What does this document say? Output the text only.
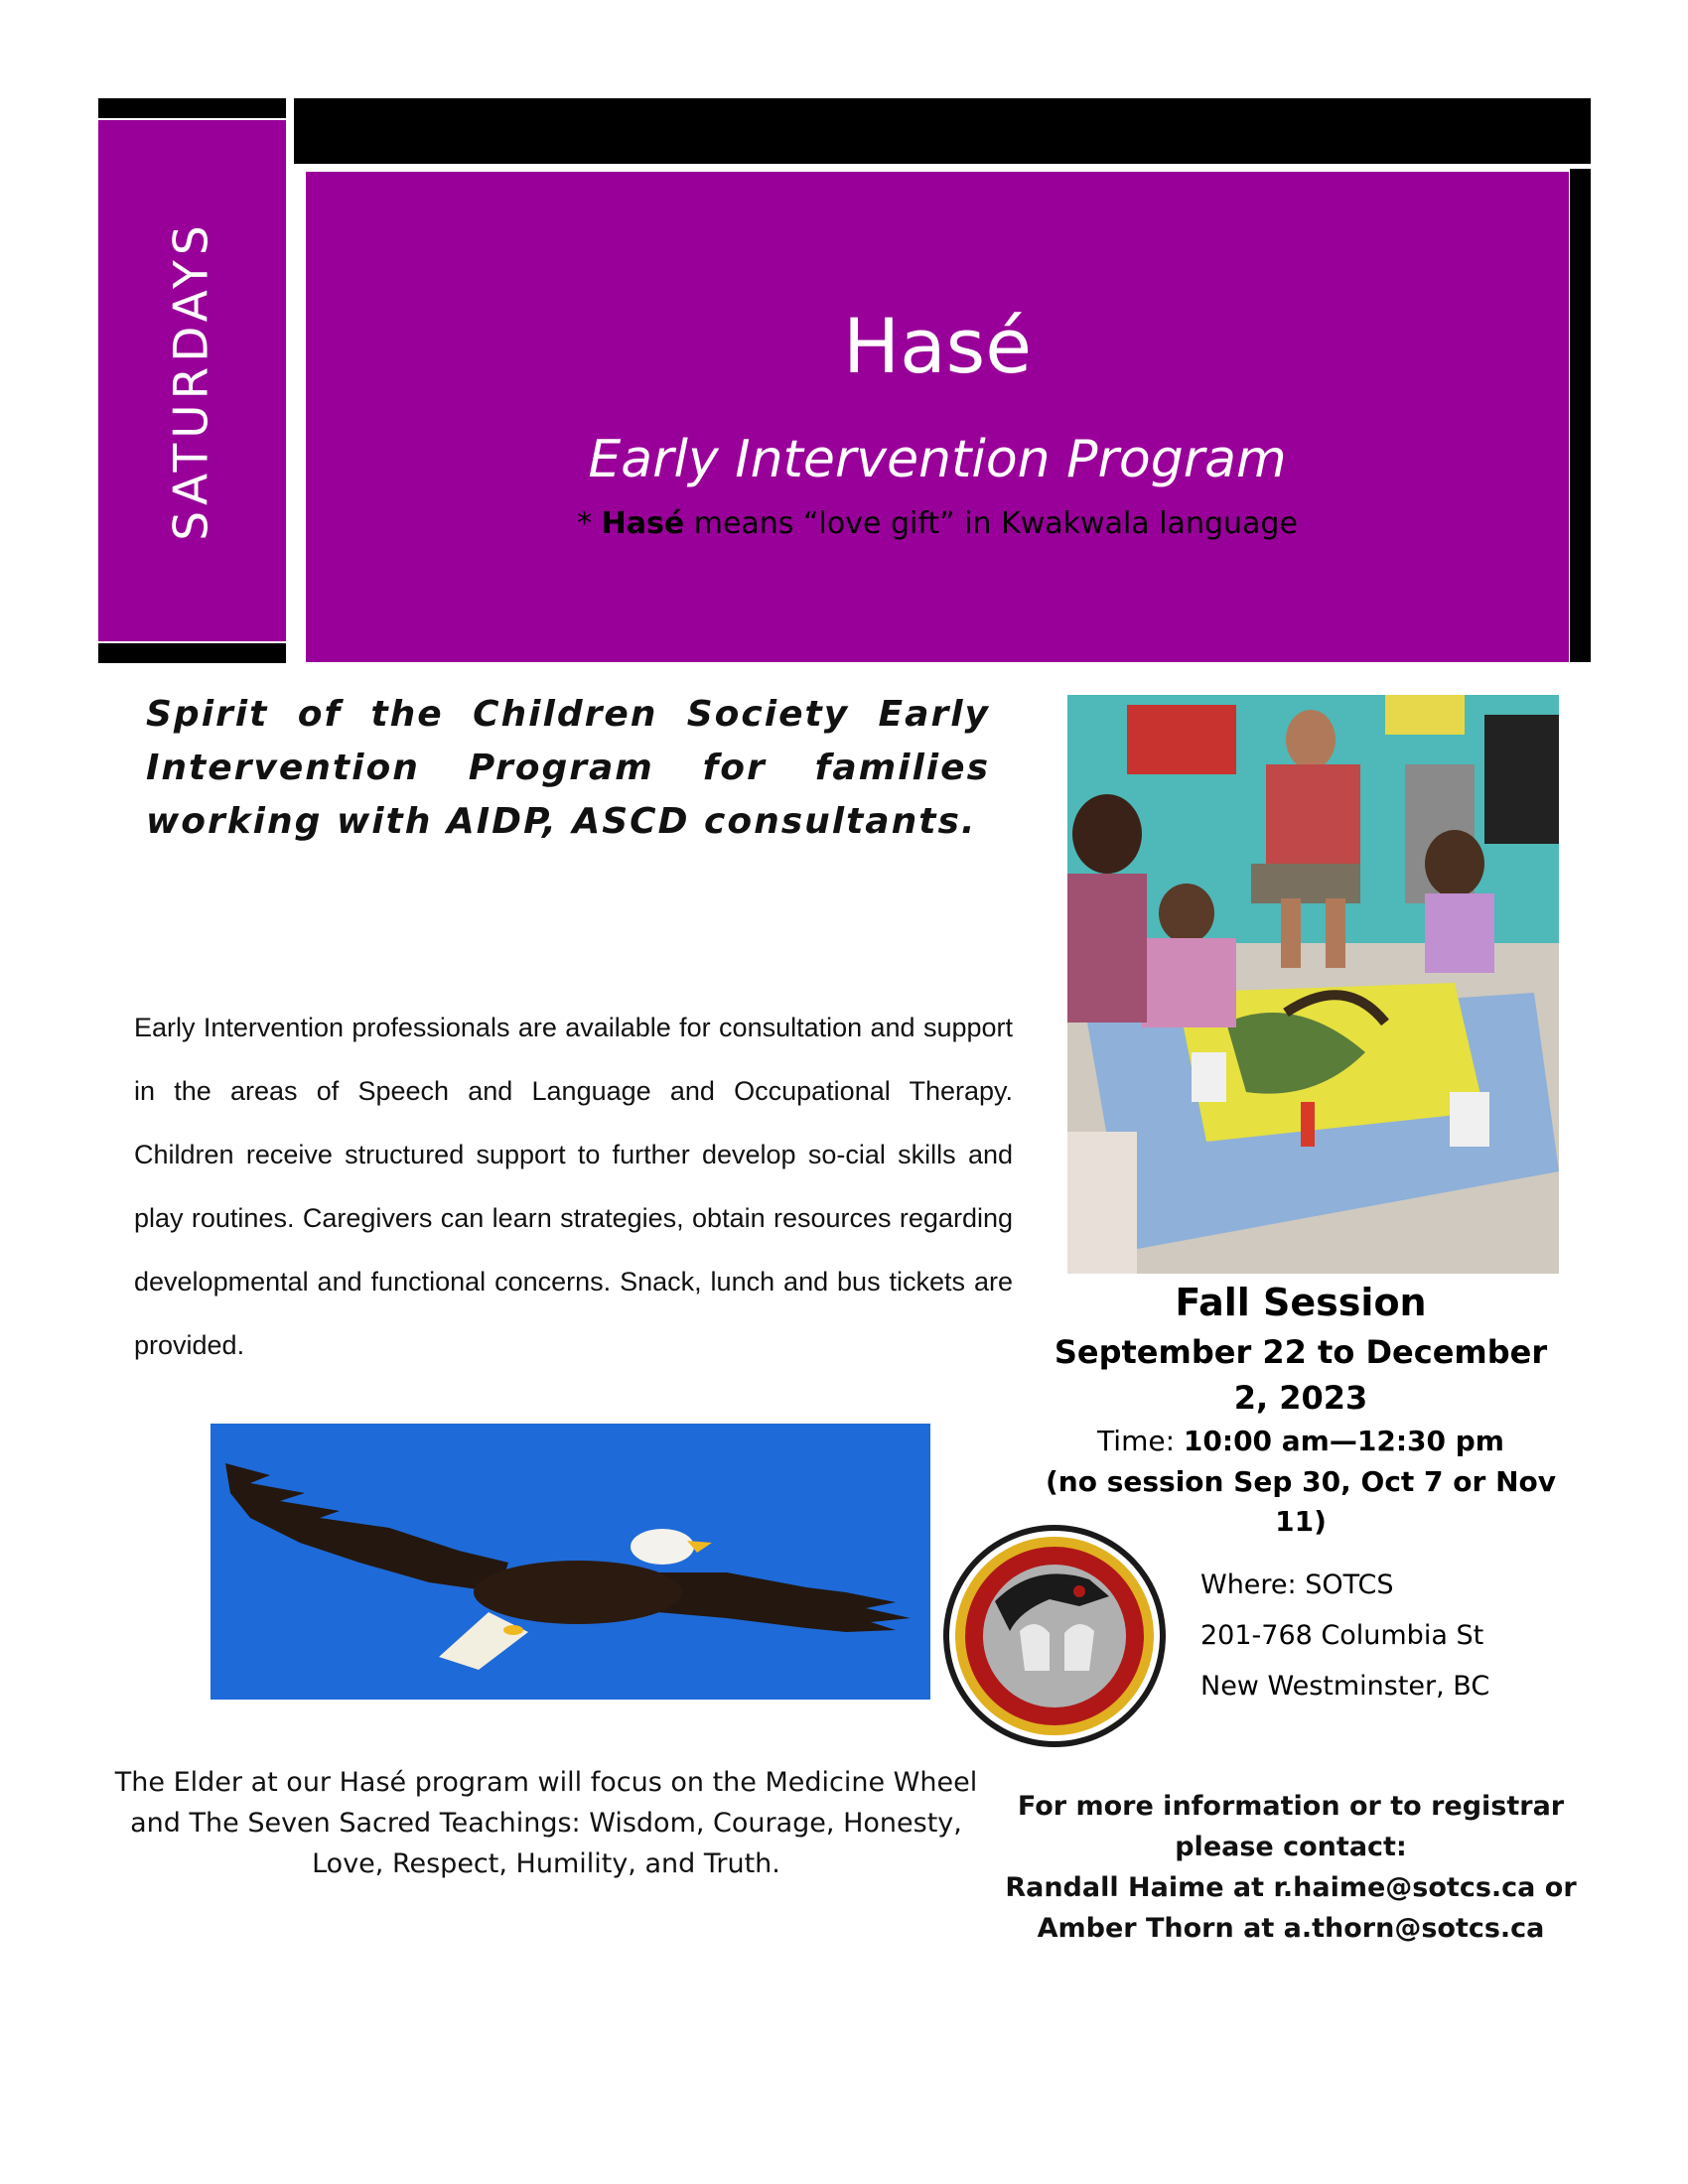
SATURDAYS	Hasé
Early Intervention Program
* Hasé means “love gift” in Kwakwala language
Spirit of the Children Society Early Intervention Program for families working with AIDP, ASCD consultants.
Early Intervention professionals are available for consultation and support in the areas of Speech and Language and Occupational Therapy. Children receive structured support to further develop so-cial skills and play routines. Caregivers can learn strategies, obtain resources regarding developmental and functional concerns. Snack, lunch and bus tickets are provided.
Fall Session
September 22 to December 2, 2023
Time: 10:00 am—12:30 pm
(no session Sep 30, Oct 7 or Nov 11)
Where: SOTCS
201-768 Columbia St
New Westminster, BC
The Elder at our Hasé program will focus on the Medicine Wheel and The Seven Sacred Teachings: Wisdom, Courage, Honesty, Love, Respect, Humility, and Truth.
For more information or to registrar
please contact:
Randall Haime at r.haime@sotcs.ca or
Amber Thorn at a.thorn@sotcs.ca
